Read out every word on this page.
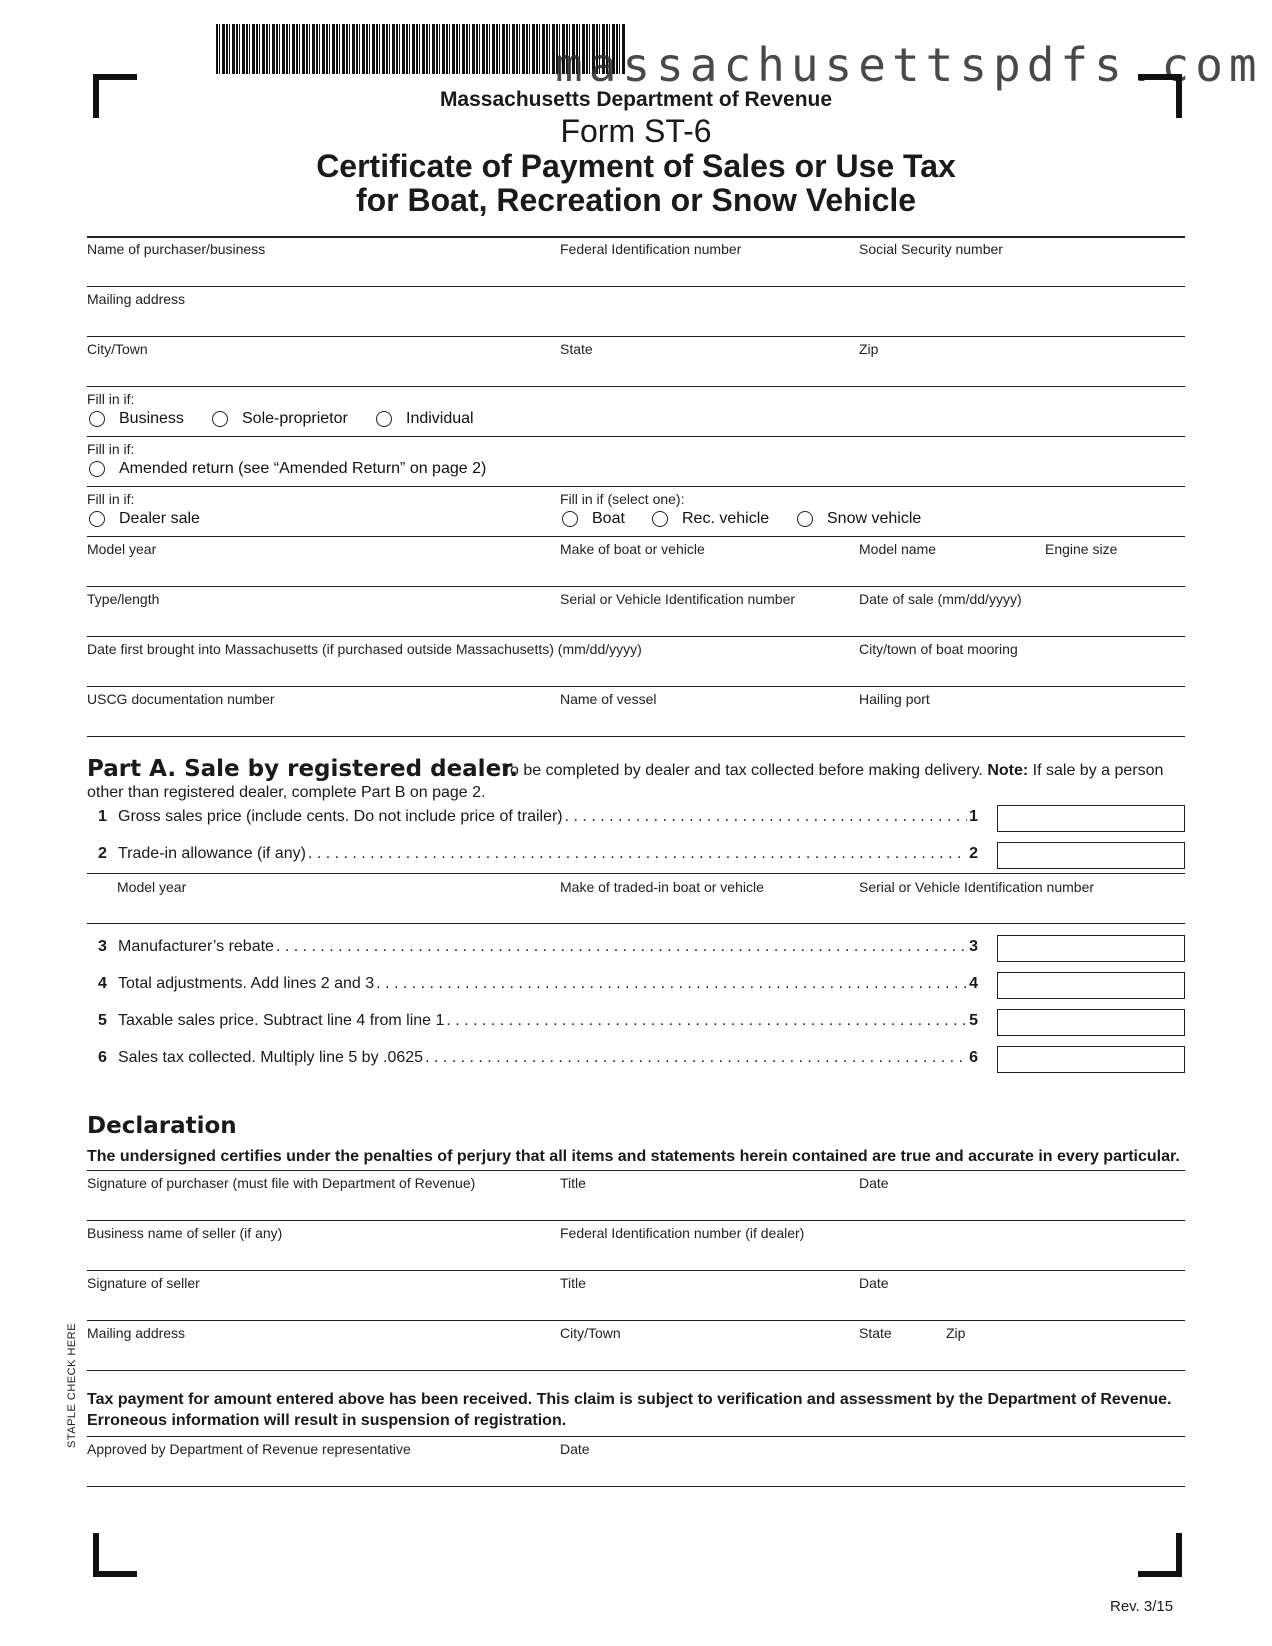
massachusettspdfs.com
Massachusetts Department of Revenue
Form ST-6
Certificate of Payment of Sales or Use Tax
for Boat, Recreation or Snow Vehicle
Name of purchaser/business	Federal Identification number	Social Security number
Mailing address
City/Town	State	Zip
Fill in if:
Business	Sole-proprietor	Individual
Fill in if:
Amended return (see “Amended Return” on page 2)
Fill in if:	Fill in if (select one):
Dealer sale	Boat	Rec. vehicle	Snow vehicle
Model year	Make of boat or vehicle	Model name	Engine size
Type/length	Serial or Vehicle Identification number	Date of sale (mm/dd/yyyy)
Date first brought into Massachusetts (if purchased outside Massachusetts) (mm/dd/yyyy)	City/town of boat mooring
USCG documentation number	Name of vessel	Hailing port
Part A. Sale by registered dealer.
To be completed by dealer and tax collected before making delivery. Note: If sale by a person
other than registered dealer, complete Part B on page 2.
1 Gross sales price (include cents. Do not include price of trailer) . . .	1
2 Trade-in allowance (if any) . . .	2
Model year	Make of traded-in boat or vehicle	Serial or Vehicle Identification number
3 Manufacturer’s rebate . . .	3
4 Total adjustments. Add lines 2 and 3 . . .	4
5 Taxable sales price. Subtract line 4 from line 1 . . .	5
6 Sales tax collected. Multiply line 5 by .0625 . . .	6
Declaration
The undersigned certifies under the penalties of perjury that all items and statements herein contained are true and accurate in every particular.
Signature of purchaser (must file with Department of Revenue)	Title	Date
Business name of seller (if any)	Federal Identification number (if dealer)
Signature of seller	Title	Date
Mailing address	City/Town	State	Zip
Tax payment for amount entered above has been received. This claim is subject to verification and assessment by the Department of Revenue.
Erroneous information will result in suspension of registration.
Approved by Department of Revenue representative	Date
STAPLE CHECK HERE
Rev. 3/15
